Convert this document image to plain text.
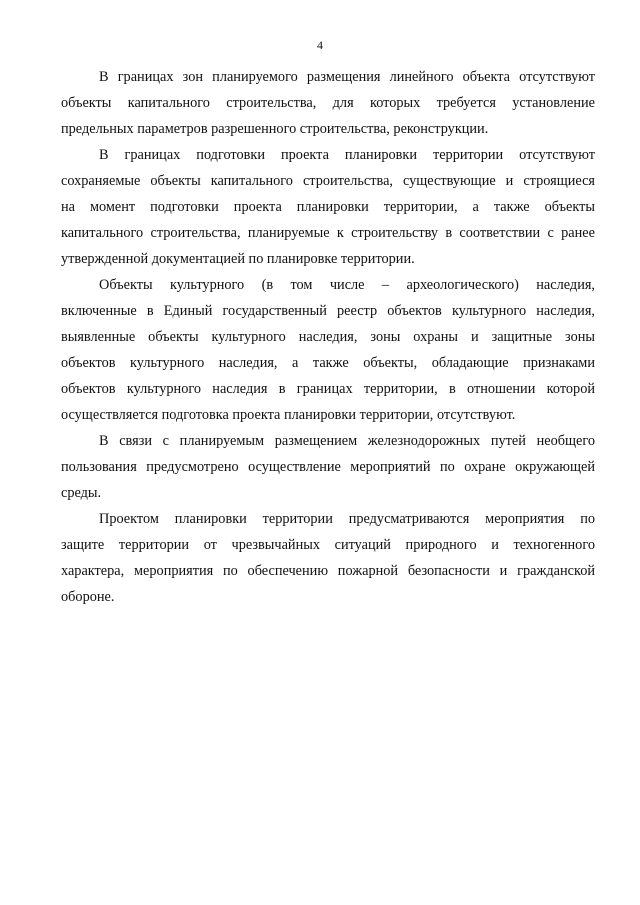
4

В границах зон планируемого размещения линейного объекта отсутствуют
объекты капитального строительства, для которых требуется установление
предельных параметров разрешенного строительства, реконструкции.

В границах подготовки проекта планировки территории отсутствуют
сохраняемые объекты капитального строительства, существующие и строящиеся
на момент подготовки проекта планировки территории, а также объекты
капитального строительства, планируемые к строительству в соответствии с ранее
утвержденной документацией по планировке территории.

Объекты культурного (в том числе – археологического) наследия,
включенные в Единый государственный реестр объектов культурного наследия,
выявленные объекты культурного наследия, зоны охраны и защитные зоны
объектов культурного наследия, а также объекты, обладающие признаками
объектов культурного наследия в границах территории, в отношении которой
осуществляется подготовка проекта планировки территории, отсутствуют.

В связи с планируемым размещением железнодорожных путей необщего
пользования предусмотрено осуществление мероприятий по охране окружающей
среды.

Проектом планировки территории предусматриваются мероприятия по
защите территории от чрезвычайных ситуаций природного и техногенного
характера, мероприятия по обеспечению пожарной безопасности и гражданской
обороне.
